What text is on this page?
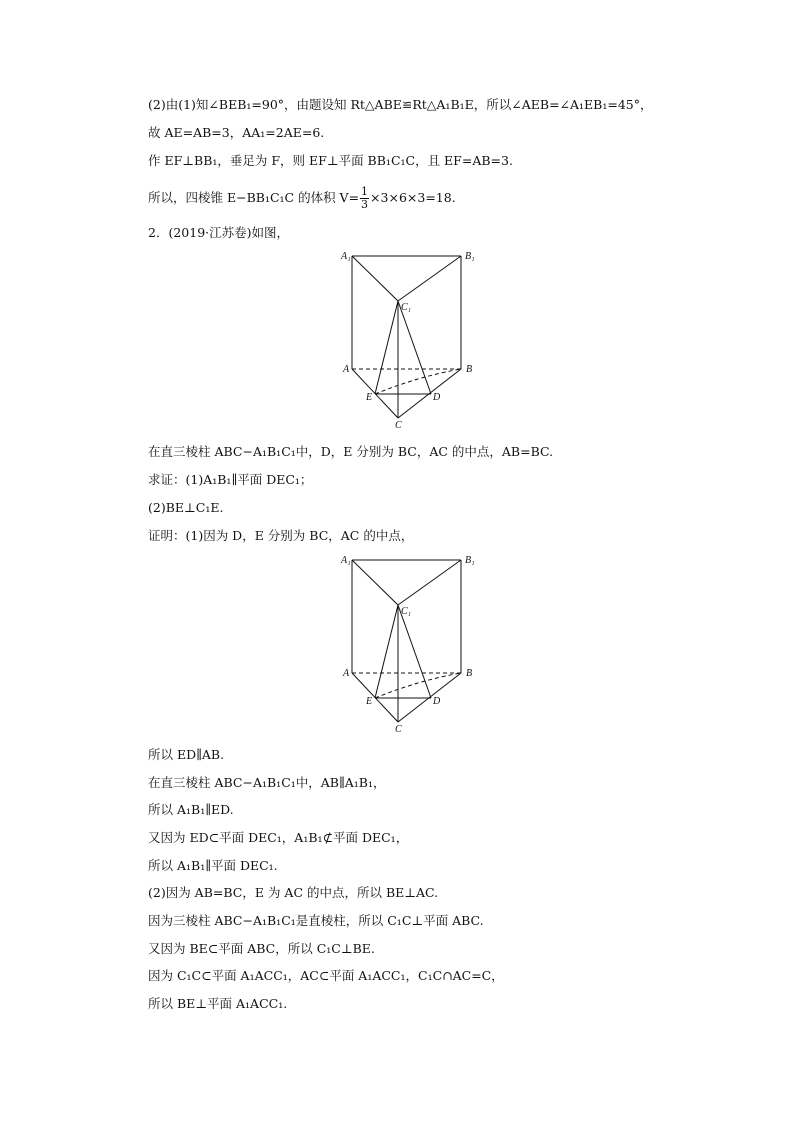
(2)由(1)知∠BEB₁=90°，由题设知 Rt△ABE≌Rt△A₁B₁E，所以∠AEB=∠A₁EB₁=45°，
故 AE=AB=3，AA₁=2AE=6.
作 EF⊥BB₁，垂足为 F，则 EF⊥平面 BB₁C₁C，且 EF=AB=3.
所以，四棱锥 E−BB₁C₁C 的体积 $V= \frac{1}{3} \times 3\times 6\times 3=18$.
2．(2019·江苏卷)如图，
A₁	B₁
C₁
A	B
E	D
C
在直三棱柱 ABC−A₁B₁C₁中，D，E 分别为 BC，AC 的中点，AB=BC.
求证：(1)A₁B₁∥平面 DEC₁；
(2)BE⊥C₁E.
证明：(1)因为 D，E 分别为 BC，AC 的中点，
A₁	B₁
C₁
A	B
E	D
C
所以 ED∥AB.
在直三棱柱 ABC−A₁B₁C₁中，AB∥A₁B₁，
所以 A₁B₁∥ED.
又因为 ED⊂平面 DEC₁，A₁B₁⊄平面 DEC₁，
所以 A₁B₁∥平面 DEC₁.
(2)因为 AB=BC，E 为 AC 的中点，所以 BE⊥AC.
因为三棱柱 ABC−A₁B₁C₁是直棱柱，所以 C₁C⊥平面 ABC.
又因为 BE⊂平面 ABC，所以 C₁C⊥BE.
因为 C₁C⊂平面 A₁ACC₁，AC⊂平面 A₁ACC₁，C₁C∩AC=C，
所以 BE⊥平面 A₁ACC₁.
